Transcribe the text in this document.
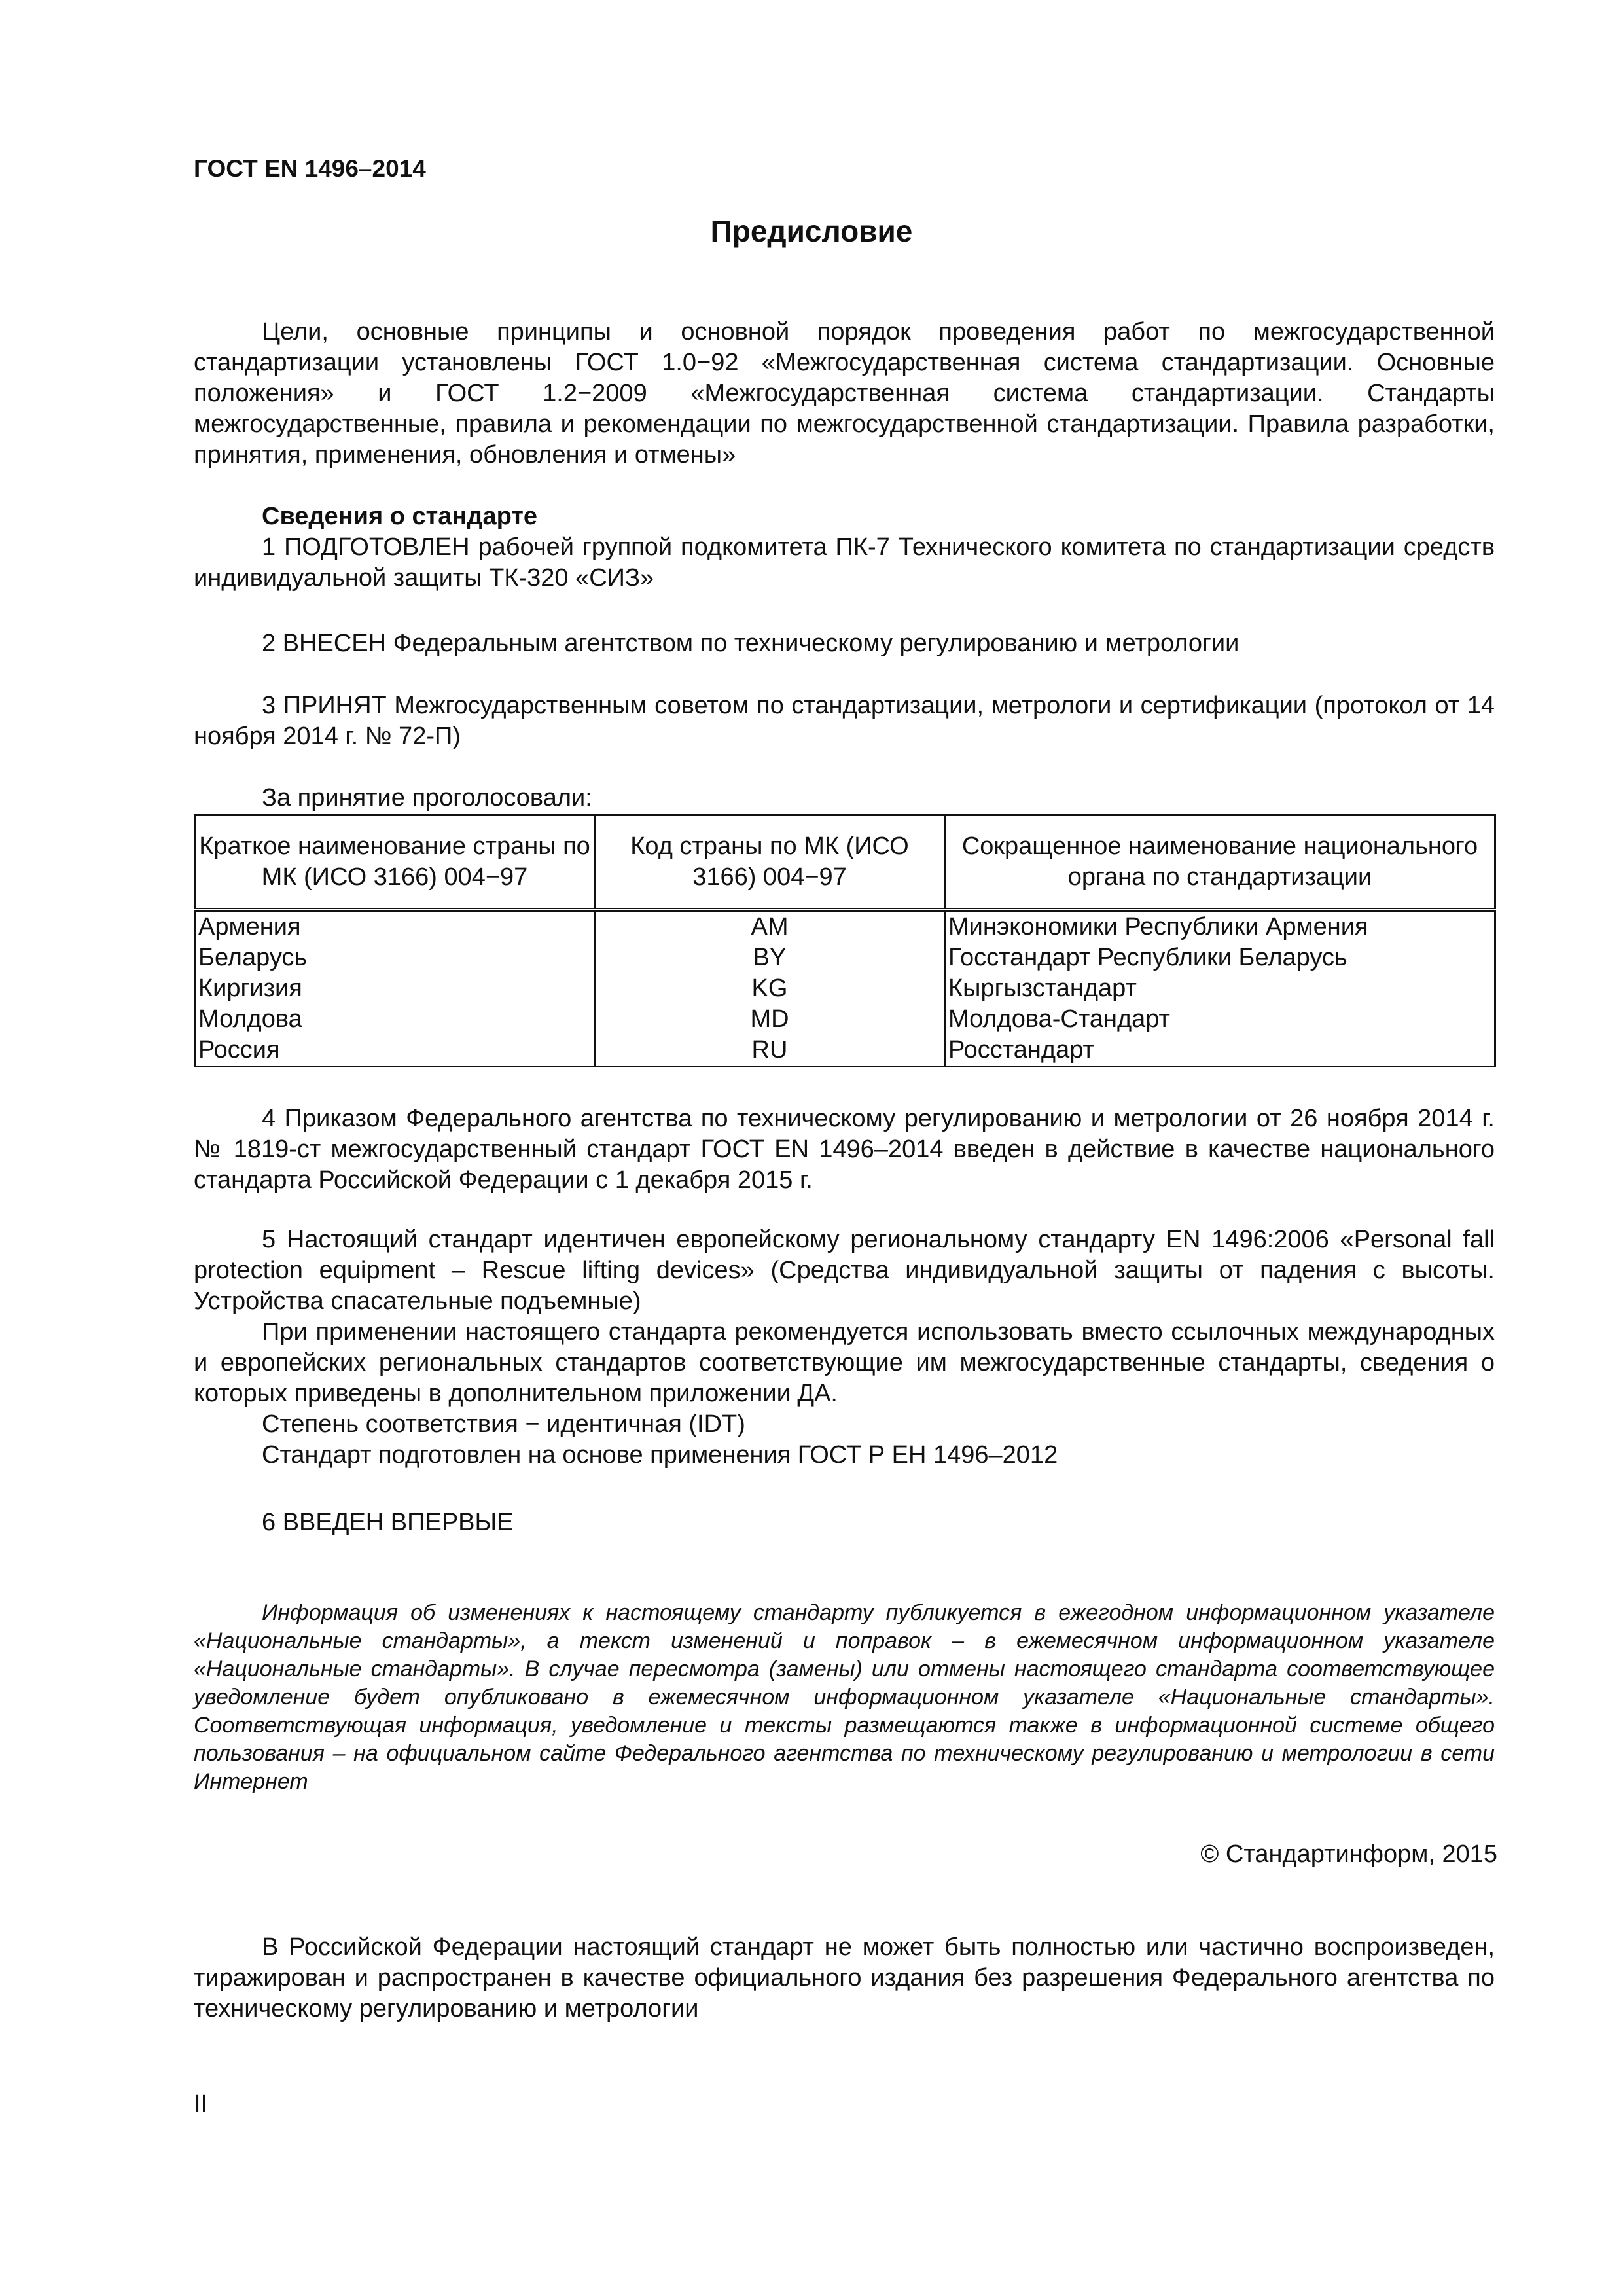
ГОСТ EN 1496–2014
Предисловие
Цели, основные принципы и основной порядок проведения работ по межгосударственной стандартизации установлены ГОСТ 1.0−92 «Межгосударственная система стандартизации. Основные положения» и ГОСТ 1.2−2009 «Межгосударственная система стандартизации. Стандарты межгосударственные, правила и рекомендации по межгосударственной стандартизации. Правила разработки, принятия, применения, обновления и отмены»

Сведения о стандарте

1 ПОДГОТОВЛЕН рабочей группой подкомитета ПК-7 Технического комитета по стандартизации средств индивидуальной защиты ТК-320 «СИЗ»

2 ВНЕСЕН Федеральным агентством по техническому регулированию и метрологии
3 ПРИНЯТ Межгосударственным советом по стандартизации, метрологи и сертификации (протокол от 14 ноября 2014 г. № 72-П)
За принятие проголосовали:
Краткое наименование страны по МК (ИСО 3166) 004−97	Код страны по МК (ИСО 3166) 004−97	Сокращенное наименование национального органа по стандартизации
Армения	AM	Минэкономики Республики Армения
Беларусь	BY	Госстандарт Республики Беларусь
Киргизия	KG	Кыргызстандарт
Молдова	MD	Молдова-Стандарт
Россия	RU	Росстандарт
4 Приказом Федерального агентства по техническому регулированию и метрологии от 26 ноября 2014 г. № 1819-ст межгосударственный стандарт ГОСТ EN 1496–2014 введен в действие в качестве национального стандарта Российской Федерации с 1 декабря 2015 г.

5 Настоящий стандарт идентичен европейскому региональному стандарту EN 1496:2006 «Personal fall protection equipment – Rescue lifting devices» (Средства индивидуальной защиты от падения с высоты. Устройства спасательные подъемные)

При применении настоящего стандарта рекомендуется использовать вместо ссылочных международных и европейских региональных стандартов соответствующие им межгосударственные стандарты, сведения о которых приведены в дополнительном приложении ДА.

Степень соответствия − идентичная (IDT)

Стандарт подготовлен на основе применения ГОСТ Р ЕН 1496–2012

6 ВВЕДЕН ВПЕРВЫЕ
Информация об изменениях к настоящему стандарту публикуется в ежегодном информационном указателе «Национальные стандарты», а текст изменений и поправок – в ежемесячном информационном указателе «Национальные стандарты». В случае пересмотра (замены) или отмены настоящего стандарта соответствующее уведомление будет опубликовано в ежемесячном информационном указателе «Национальные стандарты». Соответствующая информация, уведомление и тексты размещаются также в информационной системе общего пользования – на официальном сайте Федерального агентства по техническому регулированию и метрологии в сети Интернет
© Стандартинформ, 2015
В Российской Федерации настоящий стандарт не может быть полностью или частично воспроизведен, тиражирован и распространен в качестве официального издания без разрешения Федерального агентства по техническому регулированию и метрологии
II
